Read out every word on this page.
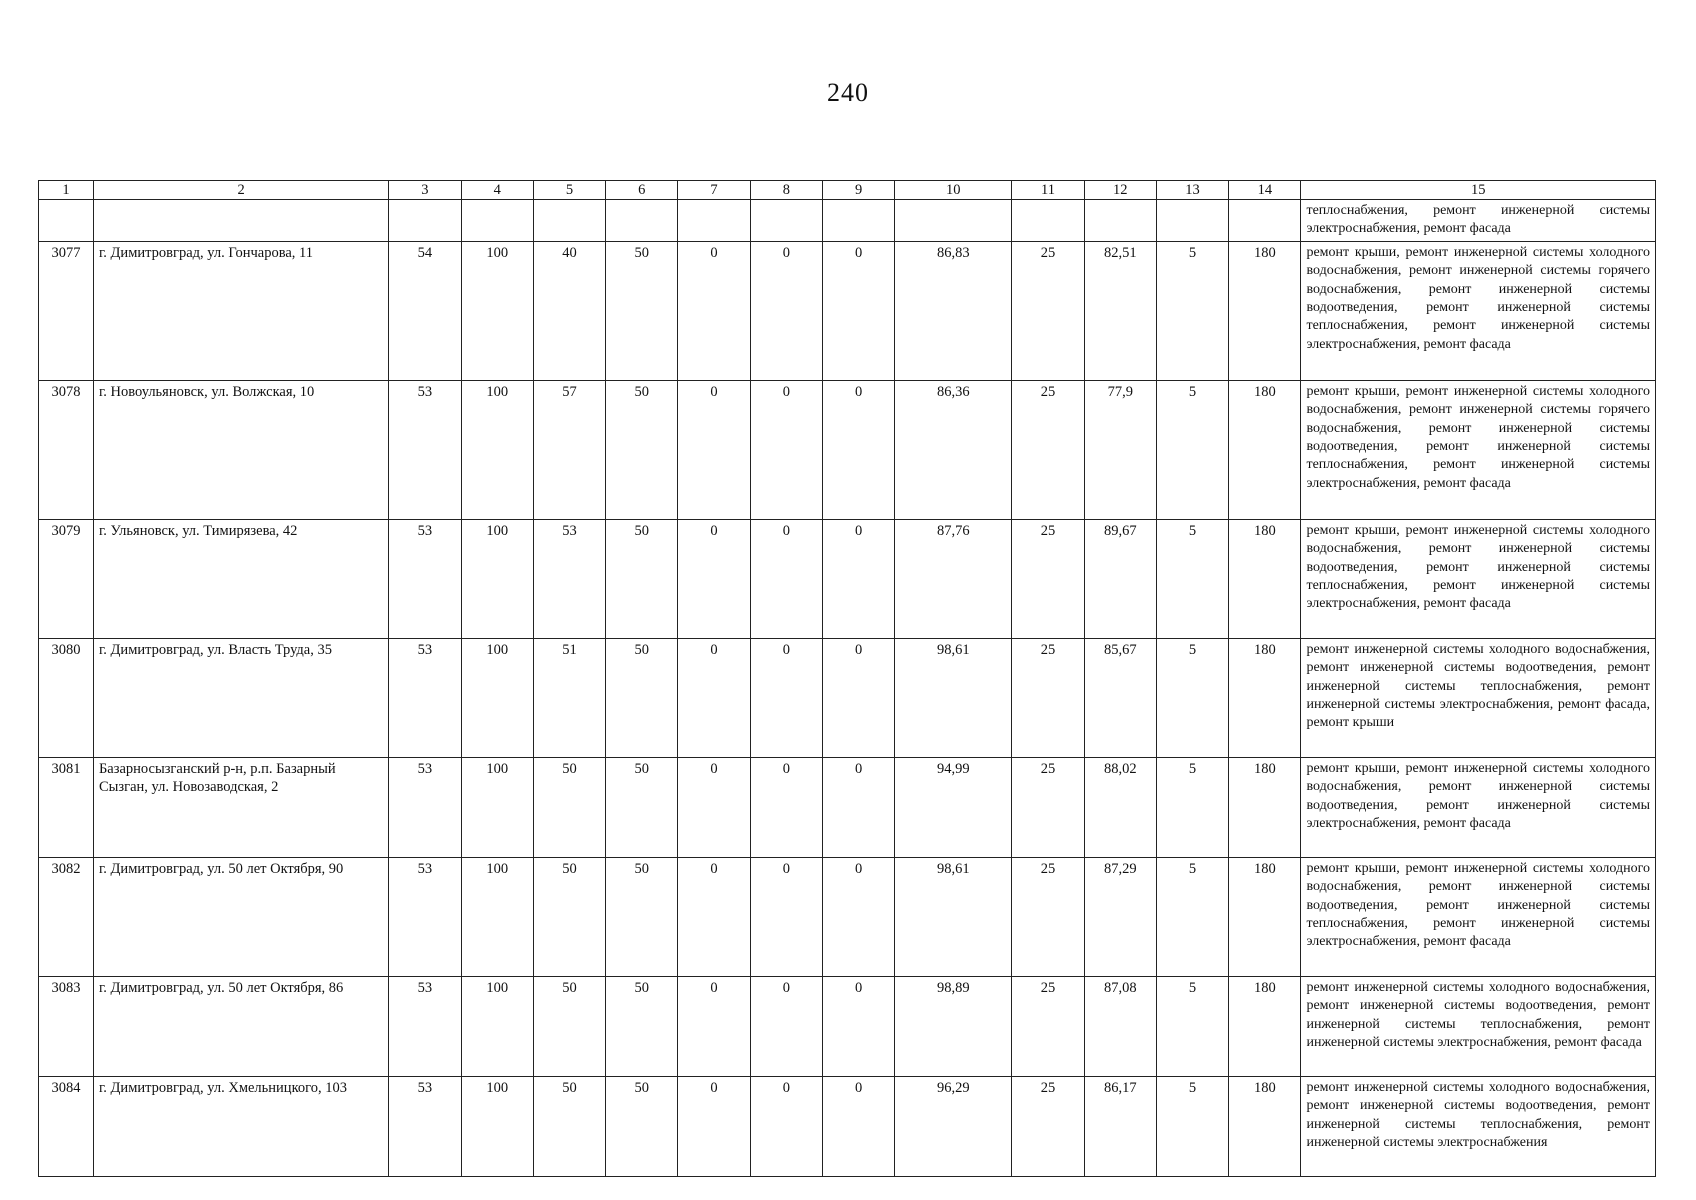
240
1	2	3	4	5	6	7	8	9	10	11	12	13	14	15
														теплоснабжения, ремонт инженерной системы электроснабжения, ремонт фасада
3077	г. Димитровград, ул. Гончарова, 11	54	100	40	50	0	0	0	86,83	25	82,51	5	180	ремонт крыши, ремонт инженерной системы холодного водоснабжения, ремонт инженерной системы горячего водоснабжения, ремонт инженерной системы водоотведения, ремонт инженерной системы теплоснабжения, ремонт инженерной системы электроснабжения, ремонт фасада
3078	г. Новоульяновск, ул. Волжская, 10	53	100	57	50	0	0	0	86,36	25	77,9	5	180	ремонт крыши, ремонт инженерной системы холодного водоснабжения, ремонт инженерной системы горячего водоснабжения, ремонт инженерной системы водоотведения, ремонт инженерной системы теплоснабжения, ремонт инженерной системы электроснабжения, ремонт фасада
3079	г. Ульяновск, ул. Тимирязева, 42	53	100	53	50	0	0	0	87,76	25	89,67	5	180	ремонт крыши, ремонт инженерной системы холодного водоснабжения, ремонт инженерной системы водоотведения, ремонт инженерной системы теплоснабжения, ремонт инженерной системы электроснабжения, ремонт фасада
3080	г. Димитровград, ул. Власть Труда, 35	53	100	51	50	0	0	0	98,61	25	85,67	5	180	ремонт инженерной системы холодного водоснабжения, ремонт инженерной системы водоотведения, ремонт инженерной системы теплоснабжения, ремонт инженерной системы электроснабжения, ремонт фасада, ремонт крыши
3081	Базарносызганский р-н, р.п. Базарный Сызган, ул. Новозаводская, 2	53	100	50	50	0	0	0	94,99	25	88,02	5	180	ремонт крыши, ремонт инженерной системы холодного водоснабжения, ремонт инженерной системы водоотведения, ремонт инженерной системы электроснабжения, ремонт фасада
3082	г. Димитровград, ул. 50 лет Октября, 90	53	100	50	50	0	0	0	98,61	25	87,29	5	180	ремонт крыши, ремонт инженерной системы холодного водоснабжения, ремонт инженерной системы водоотведения, ремонт инженерной системы теплоснабжения, ремонт инженерной системы электроснабжения, ремонт фасада
3083	г. Димитровград, ул. 50 лет Октября, 86	53	100	50	50	0	0	0	98,89	25	87,08	5	180	ремонт инженерной системы холодного водоснабжения, ремонт инженерной системы водоотведения, ремонт инженерной системы теплоснабжения, ремонт инженерной системы электроснабжения, ремонт фасада
3084	г. Димитровград, ул. Хмельницкого, 103	53	100	50	50	0	0	0	96,29	25	86,17	5	180	ремонт инженерной системы холодного водоснабжения, ремонт инженерной системы водоотведения, ремонт инженерной системы теплоснабжения, ремонт инженерной системы электроснабжения
